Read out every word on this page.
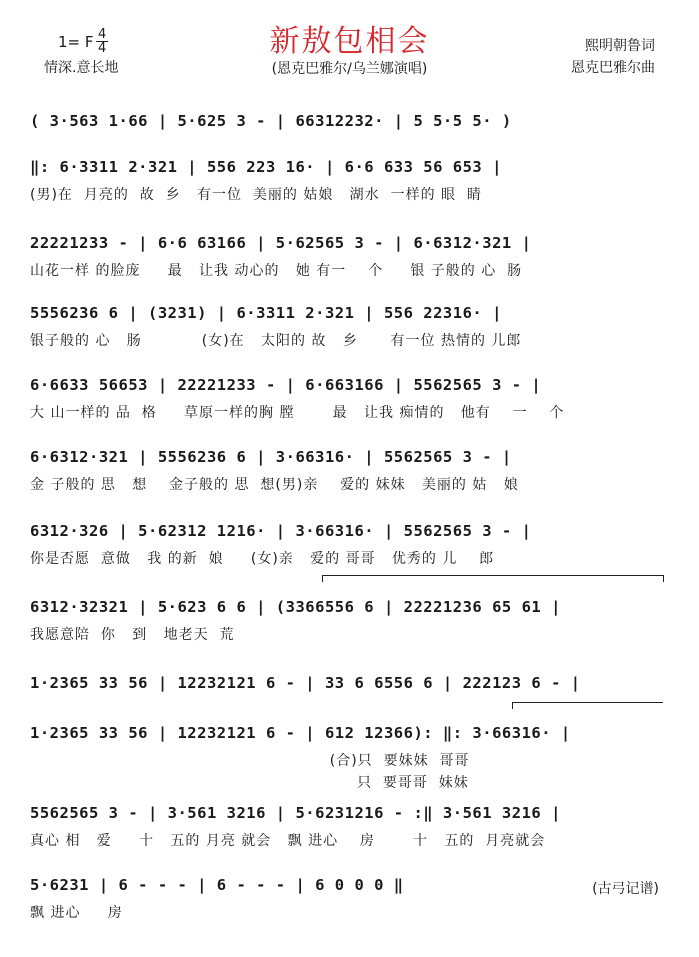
新敖包相会
(恩克巴雅尔/乌兰娜演唱)
1= F 4
4
情深.意长地
熙明朝鲁词
恩克巴雅尔曲
( 3·563 1·66 | 5·625 3 - | 66312232· | 5 5·5 5· )
‖: 6·3311 2·321 | 556 223 16· | 6·6 633 56 653 |
(男)在  月亮的  故  乡   有一位  美丽的 姑娘   湖水  一样的 眼  睛
22221233 - | 6·6 63166 | 5·62565 3 - | 6·6312·321 |
山花一样 的脸庞     最   让我 动心的   她 有一    个     银 子般的 心  肠
5556236 6 | (3231) | 6·3311 2·321 | 556 22316· |
银子般的 心   肠           (女)在   太阳的 故   乡      有一位 热情的 儿郎
6·6633 56653 | 22221233 - | 6·663166 | 5562565 3 - |
大 山一样的 品  格     草原一样的胸 膛       最   让我 痴情的   他有    一    个
6·6312·321 | 5556236 6 | 3·66316· | 5562565 3 - |
金 子般的 思   想    金子般的 思  想(男)亲    爱的 妹妹   美丽的 姑   娘
6312·326 | 5·62312 1216· | 3·66316· | 5562565 3 - |
你是否愿  意做   我 的新  娘     (女)亲   爱的 哥哥   优秀的 儿    郎
6312·32321 | 5·623 6 6 | (3366556 6 | 22221236 65 61 |
我愿意陪  你   到   地老天  荒
1·2365 33 56 | 12232121 6 - | 33 6 6556 6 | 222123 6 - |
1·2365 33 56 | 12232121 6 - | 612 12366): ‖: 3·66316· |
(合)只  要妹妹  哥哥
只  要哥哥  妹妹
5562565 3 - | 3·561 3216 | 5·6231216 - :‖ 3·561 3216 |
真心 相   爱     十   五的 月亮 就会   飘 进心    房       十   五的  月亮就会
5·6231 | 6 - - - | 6 - - - | 6 0 0 0 ‖
飘 进心     房
(古弓记谱)
